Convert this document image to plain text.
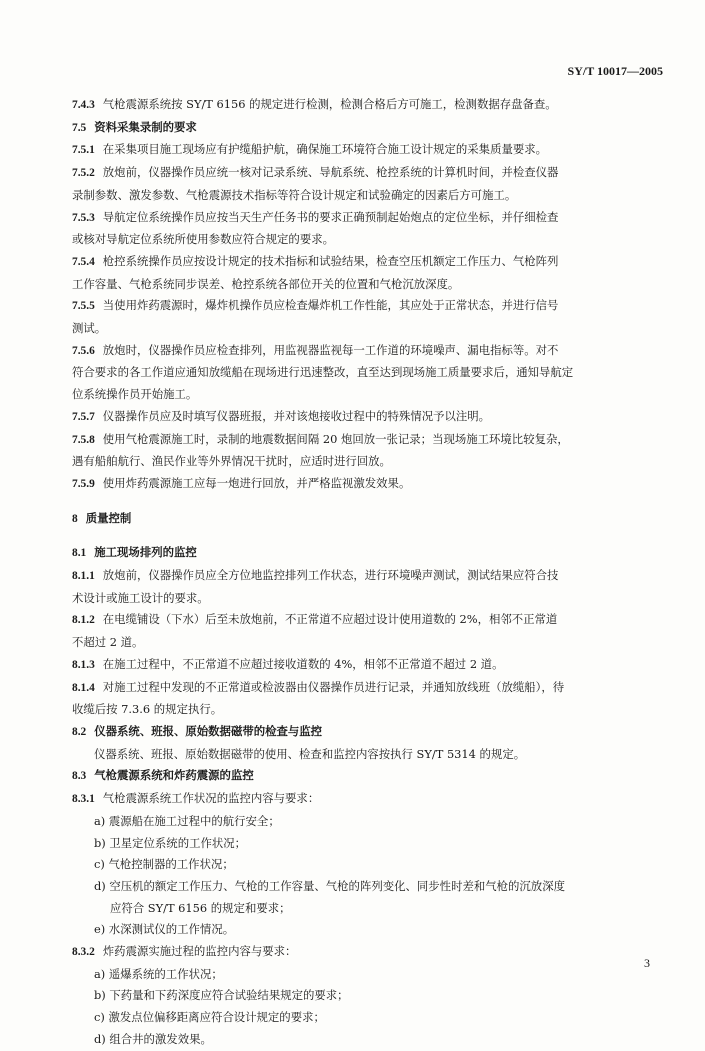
SY/T 10017—2005
7.4.3 气枪震源系统按 SY/T 6156 的规定进行检测，检测合格后方可施工，检测数据存盘备查。
7.5 资料采集录制的要求
7.5.1 在采集项目施工现场应有护缆船护航，确保施工环境符合施工设计规定的采集质量要求。
7.5.2 放炮前，仪器操作员应统一核对记录系统、导航系统、枪控系统的计算机时间，并检查仪器
录制参数、激发参数、气枪震源技术指标等符合设计规定和试验确定的因素后方可施工。
7.5.3 导航定位系统操作员应按当天生产任务书的要求正确预制起始炮点的定位坐标，并仔细检查
或核对导航定位系统所使用参数应符合规定的要求。
7.5.4 枪控系统操作员应按设计规定的技术指标和试验结果，检查空压机额定工作压力、气枪阵列
工作容量、气枪系统同步误差、枪控系统各部位开关的位置和气枪沉放深度。
7.5.5 当使用炸药震源时，爆炸机操作员应检查爆炸机工作性能，其应处于正常状态，并进行信号
测试。
7.5.6 放炮时，仪器操作员应检查排列，用监视器监视每一工作道的环境噪声、漏电指标等。对不
符合要求的各工作道应通知放缆船在现场进行迅速整改，直至达到现场施工质量要求后，通知导航定
位系统操作员开始施工。
7.5.7 仪器操作员应及时填写仪器班报，并对该炮接收过程中的特殊情况予以注明。
7.5.8 使用气枪震源施工时，录制的地震数据间隔 20 炮回放一张记录；当现场施工环境比较复杂，
遇有船舶航行、渔民作业等外界情况干扰时，应适时进行回放。
7.5.9 使用炸药震源施工应每一炮进行回放，并严格监视激发效果。
8 质量控制
8.1 施工现场排列的监控
8.1.1 放炮前，仪器操作员应全方位地监控排列工作状态，进行环境噪声测试，测试结果应符合技
术设计或施工设计的要求。
8.1.2 在电缆铺设（下水）后至未放炮前，不正常道不应超过设计使用道数的 2%，相邻不正常道
不超过 2 道。
8.1.3 在施工过程中，不正常道不应超过接收道数的 4%，相邻不正常道不超过 2 道。
8.1.4 对施工过程中发现的不正常道或检波器由仪器操作员进行记录，并通知放线班（放缆船），待
收缆后按 7.3.6 的规定执行。
8.2 仪器系统、班报、原始数据磁带的检查与监控
仪器系统、班报、原始数据磁带的使用、检查和监控内容按执行 SY/T 5314 的规定。
8.3 气枪震源系统和炸药震源的监控
8.3.1 气枪震源系统工作状况的监控内容与要求：
a) 震源船在施工过程中的航行安全；
b) 卫星定位系统的工作状况；
c) 气枪控制器的工作状况；
d) 空压机的额定工作压力、气枪的工作容量、气枪的阵列变化、同步性时差和气枪的沉放深度
应符合 SY/T 6156 的规定和要求；
e) 水深测试仪的工作情况。
8.3.2 炸药震源实施过程的监控内容与要求：
a) 遥爆系统的工作状况；
b) 下药量和下药深度应符合试验结果规定的要求；
c) 激发点位偏移距离应符合设计规定的要求；
d) 组合井的激发效果。
3
